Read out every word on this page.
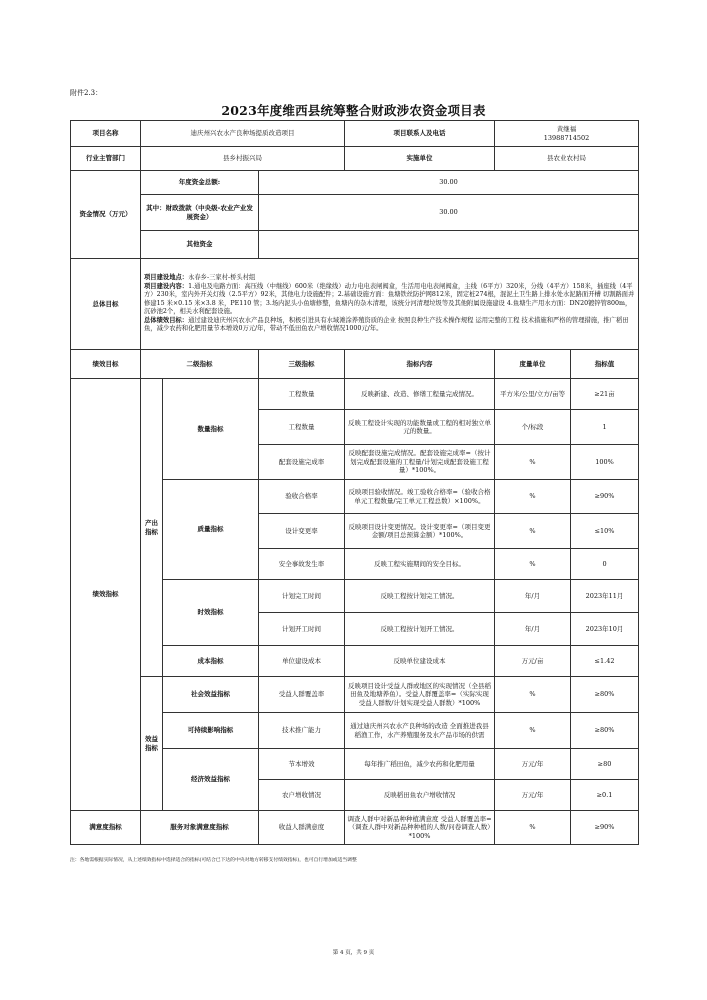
附件2.3：
2023年度维西县统筹整合财政涉农资金项目表
项目名称	迪庆州兴农水产良种场提质改造项目			项目联系人及电话	黄继福
13988714502	

行业主管部门	县乡村振兴局			实施单位	县农业农村局	
资金情况（万元）	年度资金总额:		30.00			
	其中：财政拨款（中央级-农业产业发展资金）		30.00			
	其他资金					
总体目标	项目建设地点：永春乡-三家村-桥头村组
项目建设内容：1.通电及电路方面：高压线（中继线）600米（绝缘线）动力电电表闸阀盒，生活用电电表闸阀盒，主线（6平方）320米，分线（4平方）158米，插座线（4平方）230米，室内外开关灯线（2.5平方）92米，其他电力设施配件；2.基础设施方面：鱼塘铁丝防护网812米，固定桩274根，混泥土卫生路上排水处水泥路面开槽 切割路面并修建15 米×0.15 米×3.8 米，PE110 管；3.场内泥头小鱼塘修整，鱼塘内的杂木清理，该统分河清理垃圾等及其他附属设施建设 4.鱼塘生产用水方面：DN20镀锌管800m，沉砂池2个，相关水利配套设施。
总体绩效目标：通过建设迪庆州兴农水产品良种场，积极引进具有水域滩涂养殖资质的企业 按照良种生产技术操作规程 运用完整的工程 技术措施和严格的管理措施，推广稻田鱼，减少农药和化肥用量节本增效0万元/年，带动不低田鱼农户增收情况1000元/年。					

绩效目标	二级指标		三级指标	指标内容	度量单位	指标值
绩效指标	产出指标	数量指标	工程数量	反映新建、改造、修缮工程量完成情况。	平方米/公里/立方/亩等	≥21亩
			工程数量	反映工程设计实现的功能数量或工程的相对独立单元的数量。	个/标段	1
			配套设施完成率	反映配套设施完成情况。配套设施完成率=（按计划完成配套设施的工程量/计划完成配套设施工程量）*100%。	%	100%
		质量指标	验收合格率	反映项目验收情况。竣工验收合格率=（验收合格单元工程数量/完工单元工程总数）×100%。	%	≥90%
			设计变更率	反映项目设计变更情况。设计变更率=（项目变更金额/项目总预算金额）*100%。	%	≤10%
			安全事故发生率	反映工程实施期间的安全目标。	%	0
		时效指标	计划完工时间	反映工程按计划完工情况。	年/月	2023年11月
			计划开工时间	反映工程按计划开工情况。	年/月	2023年10月
		成本指标	单位建设成本	反映单位建设成本	万元/亩	≤1.42
	效益指标	社会效益指标	受益人群覆盖率	反映项目设计受益人群或地区的实现情况（全县稻田鱼及地塘养鱼）。受益人群覆盖率=（实际实现受益人群数/计划实现受益人群数）*100%	%	≥80%
		可持续影响指标	技术推广能力	通过迪庆州兴农水产良种场的改造 全面推进我县稻渔工作，水产养殖服务及水产品市场的供需	%	≥80%
		经济效益指标	节本增效	每年推广稻田鱼，减少农药和化肥用量	万元/年	≥80
			农户增收情况	反映稻田鱼农户增收情况	万元/年	≥0.1
满意度指标	服务对象满意度指标		收益人群满意度	调查人群中对新品种种植满意度 受益人群覆盖率=（调查人群中对新品种种植的人数/问卷调查人数）*100%	%	≥90%
注：各地需根据实际情况，从上述绩效指标中选择适合的指标(可结合已下达的中央对地方转移支付绩效指标)，也可自行增加或适当调整
第 4 页，共 9 页
